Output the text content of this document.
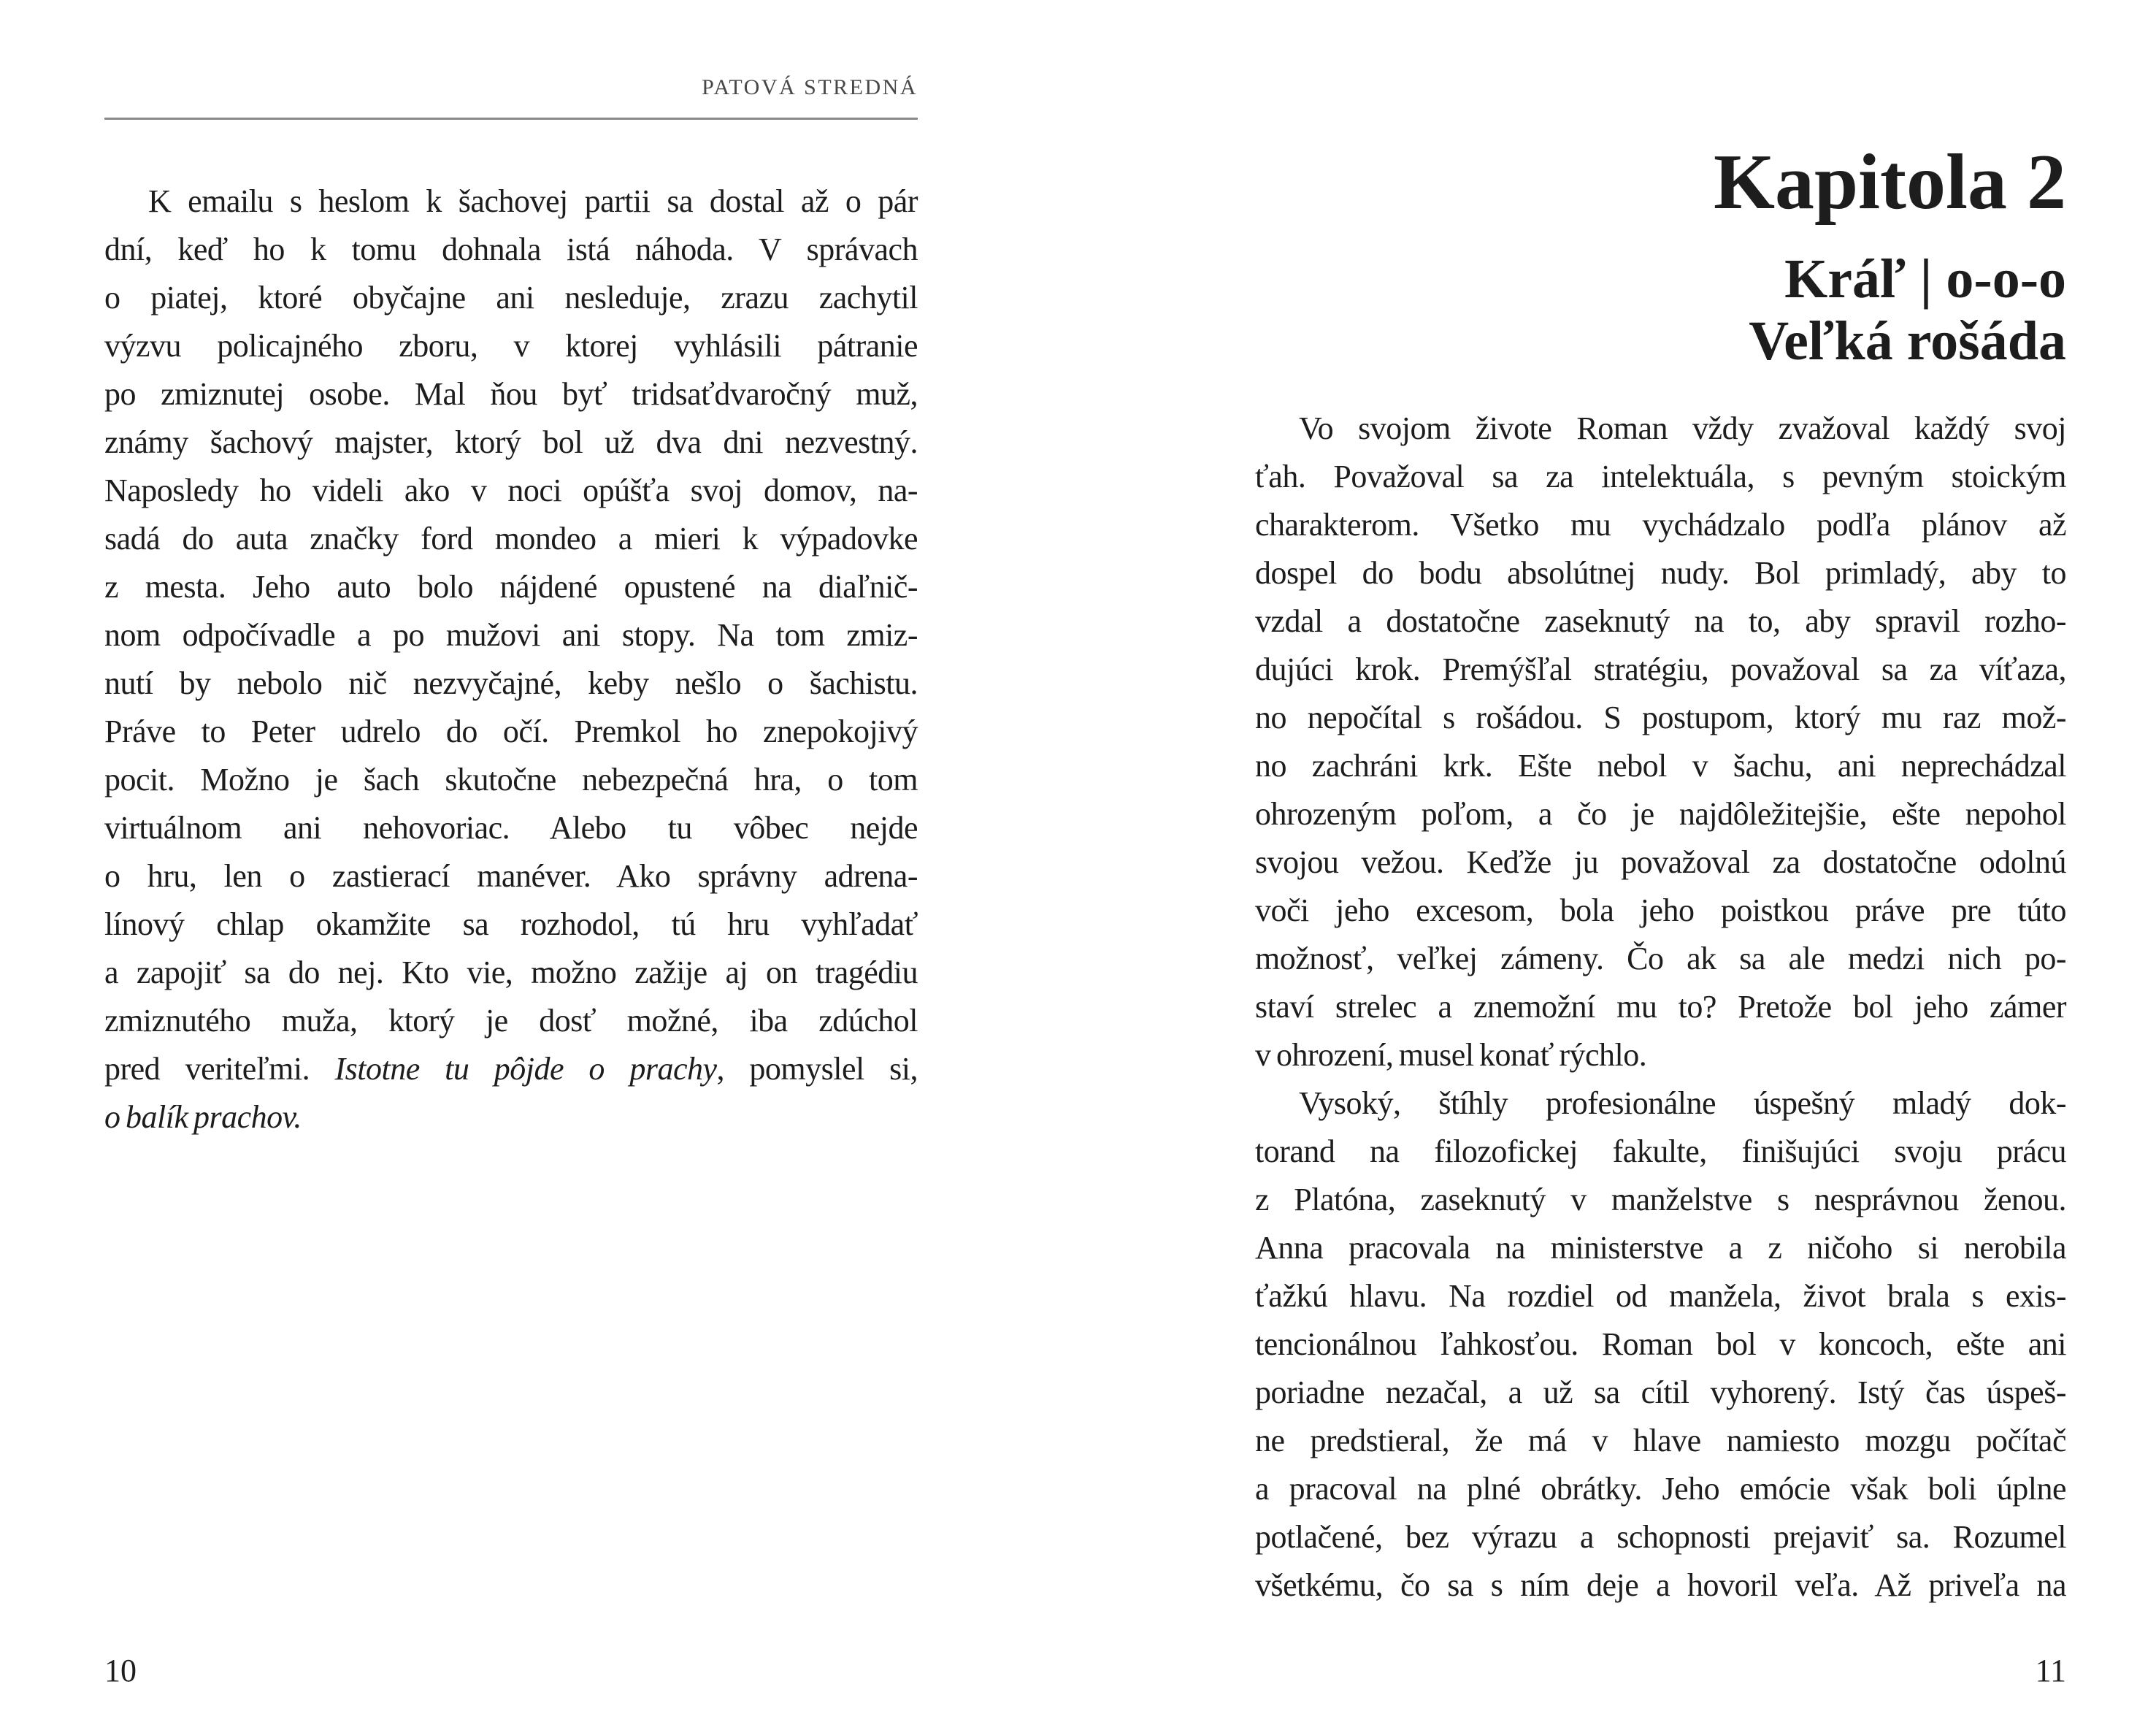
PATOVÁ STREDNÁ
K emailu s heslom k šachovej partii sa dostal až o pár
dní, keď ho k tomu dohnala istá náhoda. V správach
o piatej, ktoré obyčajne ani nesleduje, zrazu zachytil
výzvu policajného zboru, v ktorej vyhlásili pátranie
po zmiznutej osobe. Mal ňou byť tridsaťdvaročný muž,
známy šachový majster, ktorý bol už dva dni nezvestný.
Naposledy ho videli ako v noci opúšťa svoj domov, na-
sadá do auta značky ford mondeo a mieri k výpadovke
z mesta. Jeho auto bolo nájdené opustené na diaľnič-
nom odpočívadle a po mužovi ani stopy. Na tom zmiz-
nutí by nebolo nič nezvyčajné, keby nešlo o šachistu.
Práve to Peter udrelo do očí. Premkol ho znepokojivý
pocit. Možno je šach skutočne nebezpečná hra, o tom
virtuálnom ani nehovoriac. Alebo tu vôbec nejde
o hru, len o zastierací manéver. Ako správny adrena-
línový chlap okamžite sa rozhodol, tú hru vyhľadať
a zapojiť sa do nej. Kto vie, možno zažije aj on tragédiu
zmiznutého muža, ktorý je dosť možné, iba zdúchol
pred veriteľmi. Istotne tu pôjde o prachy, pomyslel si,
o balík prachov.
10
Kapitola 2
Kráľ | o-o-o
Veľká rošáda
Vo svojom živote Roman vždy zvažoval každý svoj
ťah. Považoval sa za intelektuála, s pevným stoickým
charakterom. Všetko mu vychádzalo podľa plánov až
dospel do bodu absolútnej nudy. Bol primladý, aby to
vzdal a dostatočne zaseknutý na to, aby spravil rozho-
dujúci krok. Premýšľal stratégiu, považoval sa za víťaza,
no nepočítal s rošádou. S postupom, ktorý mu raz mož-
no zachráni krk. Ešte nebol v šachu, ani neprechádzal
ohrozeným poľom, a čo je najdôležitejšie, ešte nepohol
svojou vežou. Keďže ju považoval za dostatočne odolnú
voči jeho excesom, bola jeho poistkou práve pre túto
možnosť, veľkej zámeny. Čo ak sa ale medzi nich po-
staví strelec a znemožní mu to? Pretože bol jeho zámer
v ohrození, musel konať rýchlo.
Vysoký, štíhly profesionálne úspešný mladý dok-
torand na filozofickej fakulte, finišujúci svoju prácu
z Platóna, zaseknutý v manželstve s nesprávnou ženou.
Anna pracovala na ministerstve a z ničoho si nerobila
ťažkú hlavu. Na rozdiel od manžela, život brala s exis-
tencionálnou ľahkosťou. Roman bol v koncoch, ešte ani
poriadne nezačal, a už sa cítil vyhorený. Istý čas úspeš-
ne predstieral, že má v hlave namiesto mozgu počítač
a pracoval na plné obrátky. Jeho emócie však boli úplne
potlačené, bez výrazu a schopnosti prejaviť sa. Rozumel
všetkému, čo sa s ním deje a hovoril veľa. Až priveľa na
11
